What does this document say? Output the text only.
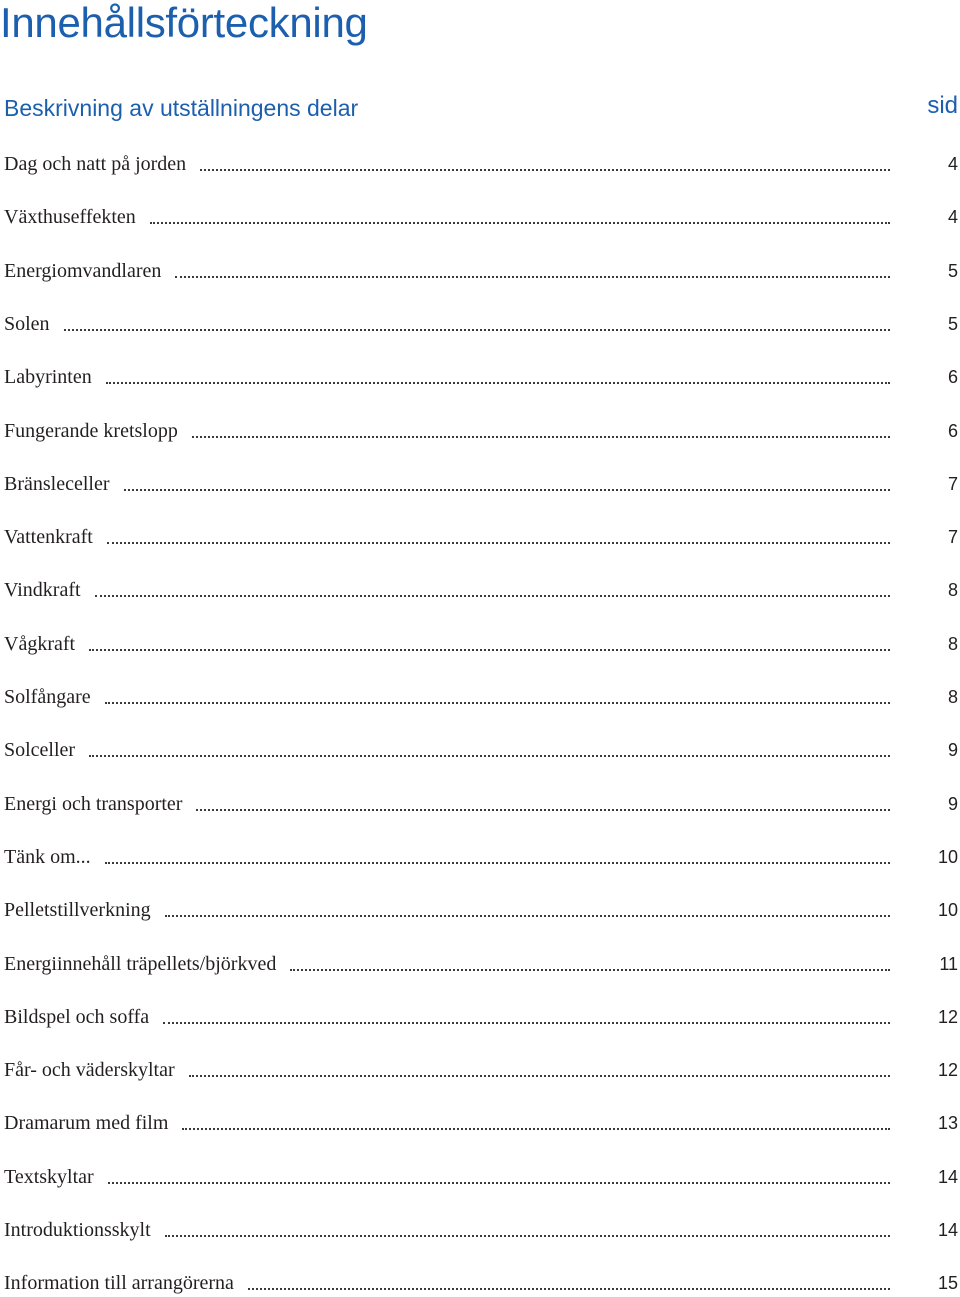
Innehållsförteckning
Beskrivning av utställningens delar	sid
Dag och natt på jorden	4
Växthuseffekten	4
Energiomvandlaren	5
Solen	5
Labyrinten	6
Fungerande kretslopp	6
Bränsleceller	7
Vattenkraft	7
Vindkraft	8
Vågkraft	8
Solfångare	8
Solceller	9
Energi och transporter	9
Tänk om...	10
Pelletstillverkning	10
Energiinnehåll träpellets/björkved	11
Bildspel och soffa	12
Får- och väderskyltar	12
Dramarum med film	13
Textskyltar	14
Introduktionsskylt	14
Information till arrangörerna	15
